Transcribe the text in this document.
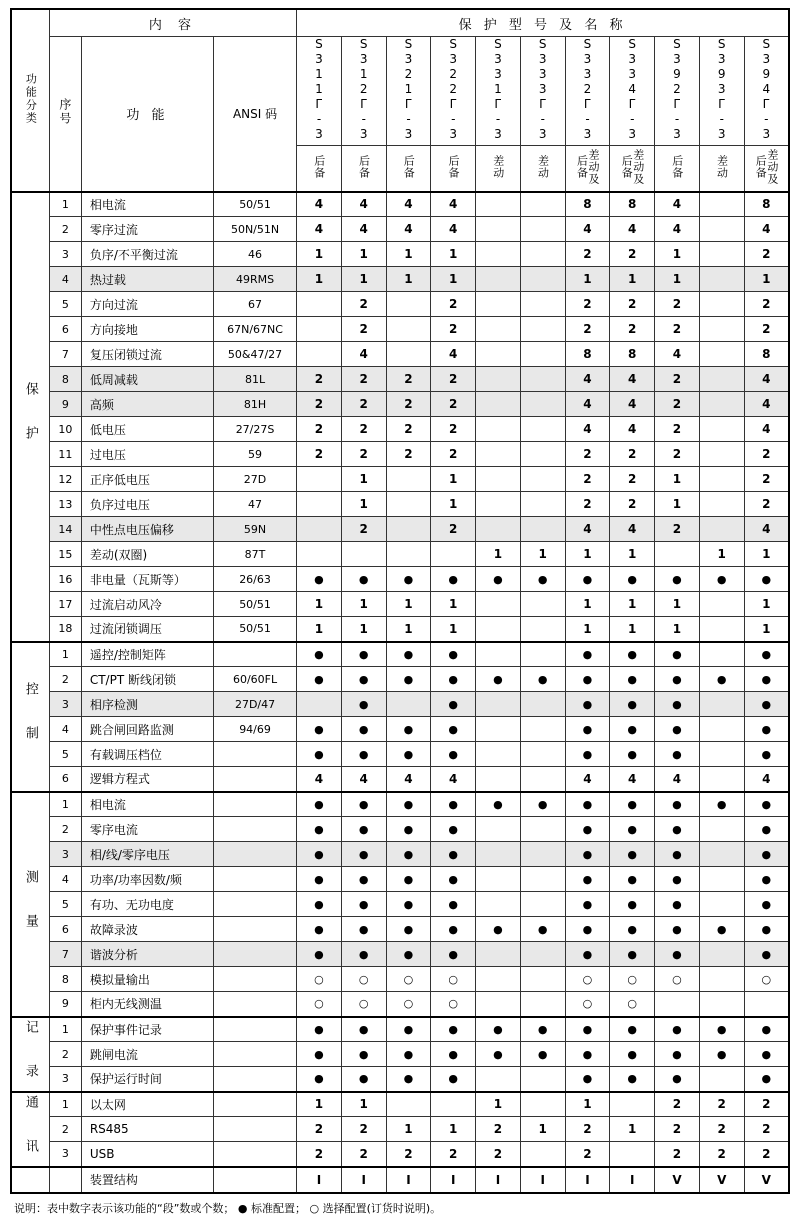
功能分类	内 容			保 护 型 号 及 名 称										
	序号	功 能	ANSI 码	S311Г-3	S312Г-3	S321Г-3	S322Г-3	S331Г-3	S333Г-3	S332Г-3	S334Г-3	S392Г-3	S393Г-3	S394Г-3

				后备	后备	后备	后备	差动	差动	差动及后备	差动及后备	后备	差动	差动及后备
保 护	1	相电流	50/51	4	4	4	4			8	8	4		8
	2	零序过流	50N/51N	4	4	4	4			4	4	4		4
	3	负序/不平衡过流	46	1	1	1	1			2	2	1		2
	4	热过载	49RMS	1	1	1	1			1	1	1		1
	5	方向过流	67		2		2			2	2	2		2
	6	方向接地	67N/67NC		2		2			2	2	2		2
	7	复压闭锁过流	50&47/27		4		4			8	8	4		8
	8	低周减载	81L	2	2	2	2			4	4	2		4
	9	高频	81H	2	2	2	2			4	4	2		4
	10	低电压	27/27S	2	2	2	2			4	4	2		4
	11	过电压	59	2	2	2	2			2	2	2		2
	12	正序低电压	27D		1		1			2	2	1		2
	13	负序过电压	47		1		1			2	2	1		2
	14	中性点电压偏移	59N		2		2			4	4	2		4
	15	差动(双圈)	87T					1	1	1	1		1	1
	16	非电量（瓦斯等）	26/63	●	●	●	●	●	●	●	●	●	●	●
	17	过流启动风冷	50/51	1	1	1	1			1	1	1		1
	18	过流闭锁调压	50/51	1	1	1	1			1	1	1		1
控 制	1	遥控/控制矩阵		●	●	●	●			●	●	●		●
	2	CT/PT 断线闭锁	60/60FL	●	●	●	●	●	●	●	●	●	●	●
	3	相序检测	27D/47		●		●			●	●	●		●
	4	跳合闸回路监测	94/69	●	●	●	●			●	●	●		●
	5	有载调压档位		●	●	●	●			●	●	●		●
	6	逻辑方程式		4	4	4	4			4	4	4		4
测 量	1	相电流		●	●	●	●	●	●	●	●	●	●	●
	2	零序电流		●	●	●	●			●	●	●		●
	3	相/线/零序电压		●	●	●	●			●	●	●		●
	4	功率/功率因数/频		●	●	●	●			●	●	●		●
	5	有功、无功电度		●	●	●	●			●	●	●		●
	6	故障录波		●	●	●	●	●	●	●	●	●	●	●
	7	谐波分析		●	●	●	●			●	●	●		●
	8	模拟量输出		○	○	○	○			○	○	○		○
	9	柜内无线测温		○	○	○	○			○	○			
记 录	1	保护事件记录		●	●	●	●	●	●	●	●	●	●	●
	2	跳闸电流		●	●	●	●	●	●	●	●	●	●	●
	3	保护运行时间		●	●	●	●			●	●	●		●
通 讯	1	以太网		1	1			1		1		2	2	2
	2	RS485		2	2	1	1	2	1	2	1	2	2	2
	3	USB		2	2	2	2	2		2		2	2	2
		装置结构		I	I	I	I	I	I	I	I	V	V	V
说明：表中数字表示该功能的“段”数或个数； ● 标准配置； ○ 选择配置(订货时说明)。
